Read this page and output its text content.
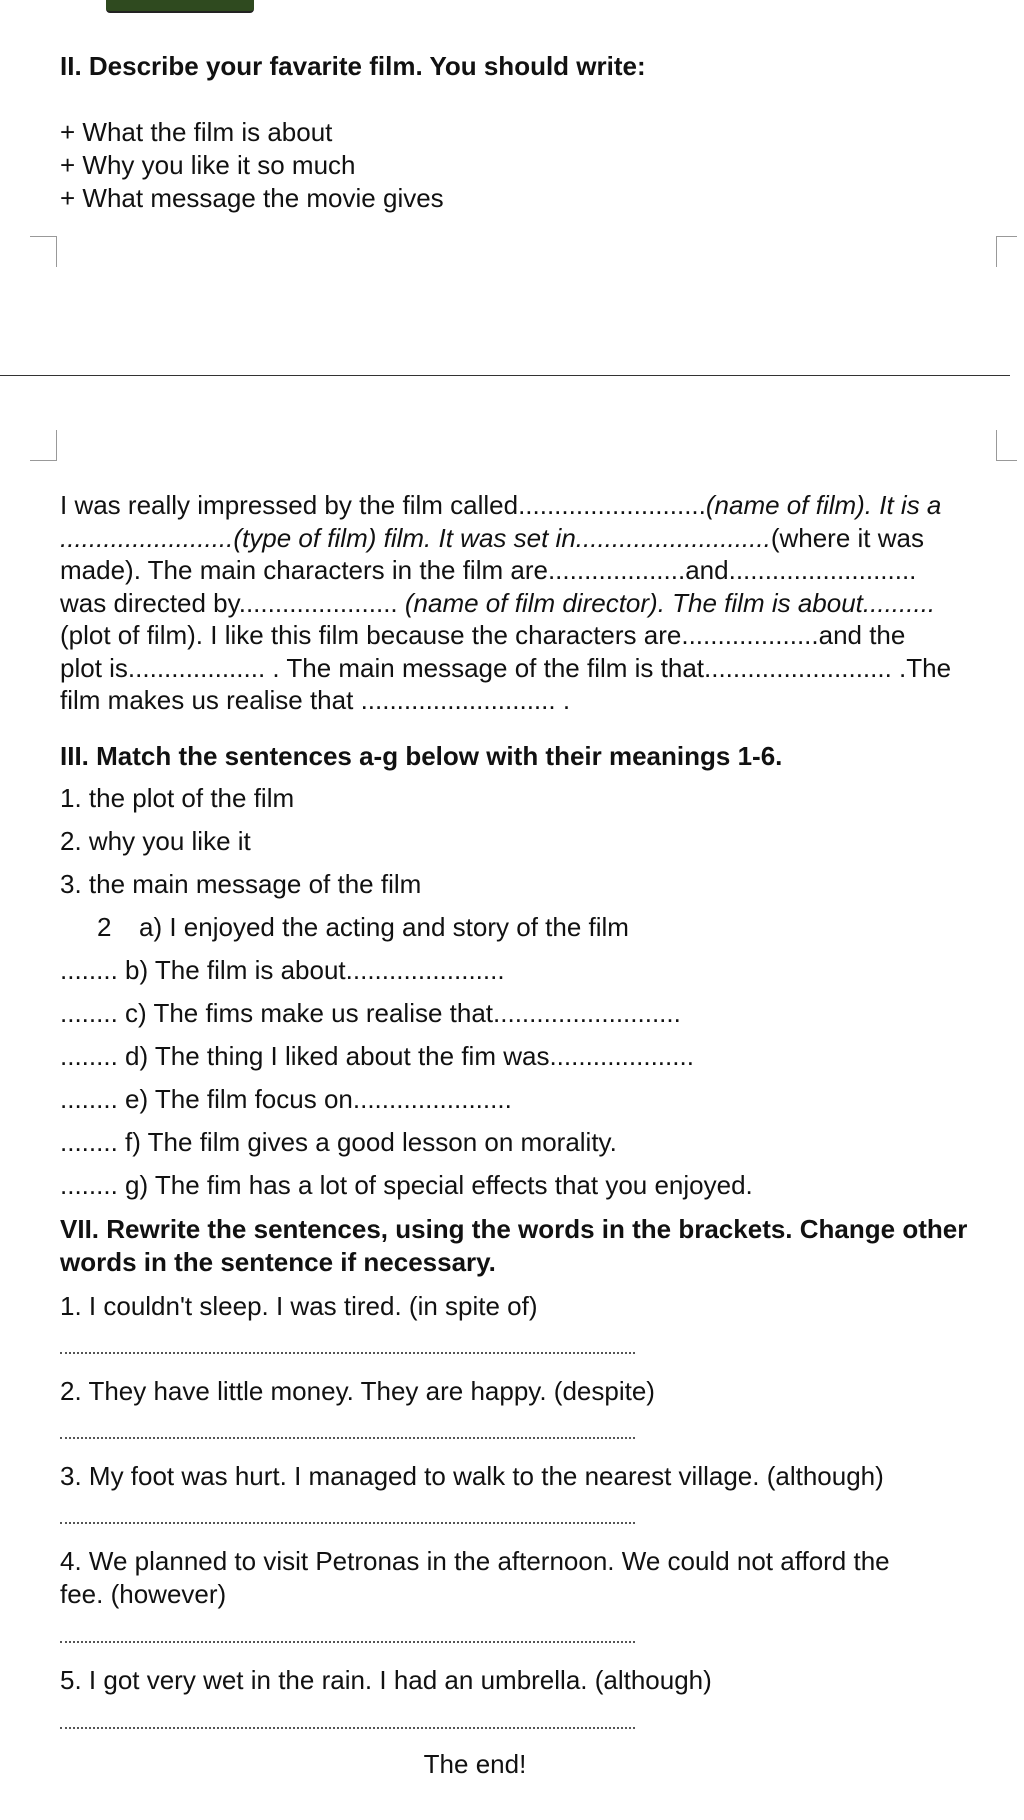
II. Describe your favarite film. You should write:
+ What the film is about
+ Why you like it so much
+ What message the movie gives
I was really impressed by the film called..........................(name of film). It is a
........................(type of film) film. It was set in...........................(where it was
made). The main characters in the film are...................and..........................
was directed by...................... (name of film director). The film is about..........
(plot of film). I like this film because the characters are...................and the
plot is................... . The main message of the film is that.......................... .The
film makes us realise that ........................... .
III. Match the sentences a-g below with their meanings 1-6.
1. the plot of the film
2. why you like it
3. the main message of the film
2 a) I enjoyed the acting and story of the film
........ b) The film is about......................
........ c) The fims make us realise that..........................
........ d) The thing I liked about the fim was....................
........ e) The film focus on......................
........ f) The film gives a good lesson on morality.
........ g) The fim has a lot of special effects that you enjoyed.
VII. Rewrite the sentences, using the words in the brackets. Change other
words in the sentence if necessary.
1. I couldn't sleep. I was tired. (in spite of)
2. They have little money. They are happy. (despite)
3. My foot was hurt. I managed to walk to the nearest village. (although)
4. We planned to visit Petronas in the afternoon. We could not afford the
fee. (however)
5. I got very wet in the rain. I had an umbrella. (although)
The end!
